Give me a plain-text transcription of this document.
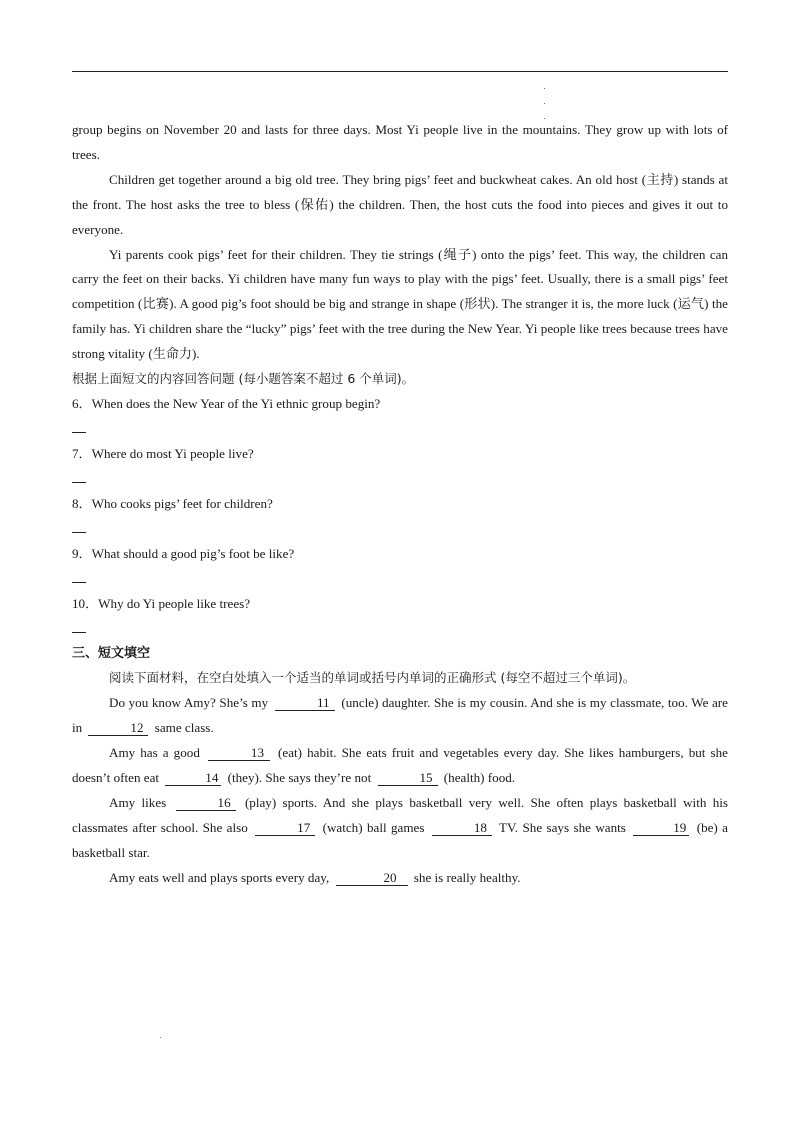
group begins on November 20 and lasts for three days. Most Yi people live in the mountains. They grow up with lots of trees.

Children get together around a big old tree. They bring pigs’ feet and buckwheat cakes. An old host (主持) stands at the front. The host asks the tree to bless (保佑) the children. Then, the host cuts the food into pieces and gives it out to everyone.

Yi parents cook pigs’ feet for their children. They tie strings (绳子) onto the pigs’ feet. This way, the children can carry the feet on their backs. Yi children have many fun ways to play with the pigs’ feet. Usually, there is a small pigs’ feet competition (比赛). A good pig’s foot should be big and strange in shape (形状). The stranger it is, the more luck (运气) the family has. Yi children share the “lucky” pigs’ feet with the tree during the New Year. Yi people like trees because trees have strong vitality (生命力).

根据上面短文的内容回答问题 (每小题答案不超过 6 个单词)。

6．When does the New Year of the Yi ethnic group begin?

7．Where do most Yi people live?

8．Who cooks pigs’ feet for children?

9．What should a good pig’s foot be like?

10．Why do Yi people like trees?

三、短文填空

阅读下面材料，在空白处填入一个适当的单词或括号内单词的正确形式 (每空不超过三个单词)。

Do you know Amy? She’s my	11 (uncle) daughter. She is my cousin. And she is my classmate, too. We are in	12 same class.

Amy has a good	13 (eat) habit. She eats fruit and vegetables every day. She likes hamburgers, but she doesn’t often eat	14 (they). She says they’re not	15 (health) food.

Amy likes	16 (play) sports. And she plays basketball very well. She often plays basketball with his classmates after school. She also	17 (watch) ball games	18 TV. She says she wants	19 (be) a basketball star.

Amy eats well and plays sports every day,	20 she is really healthy.
